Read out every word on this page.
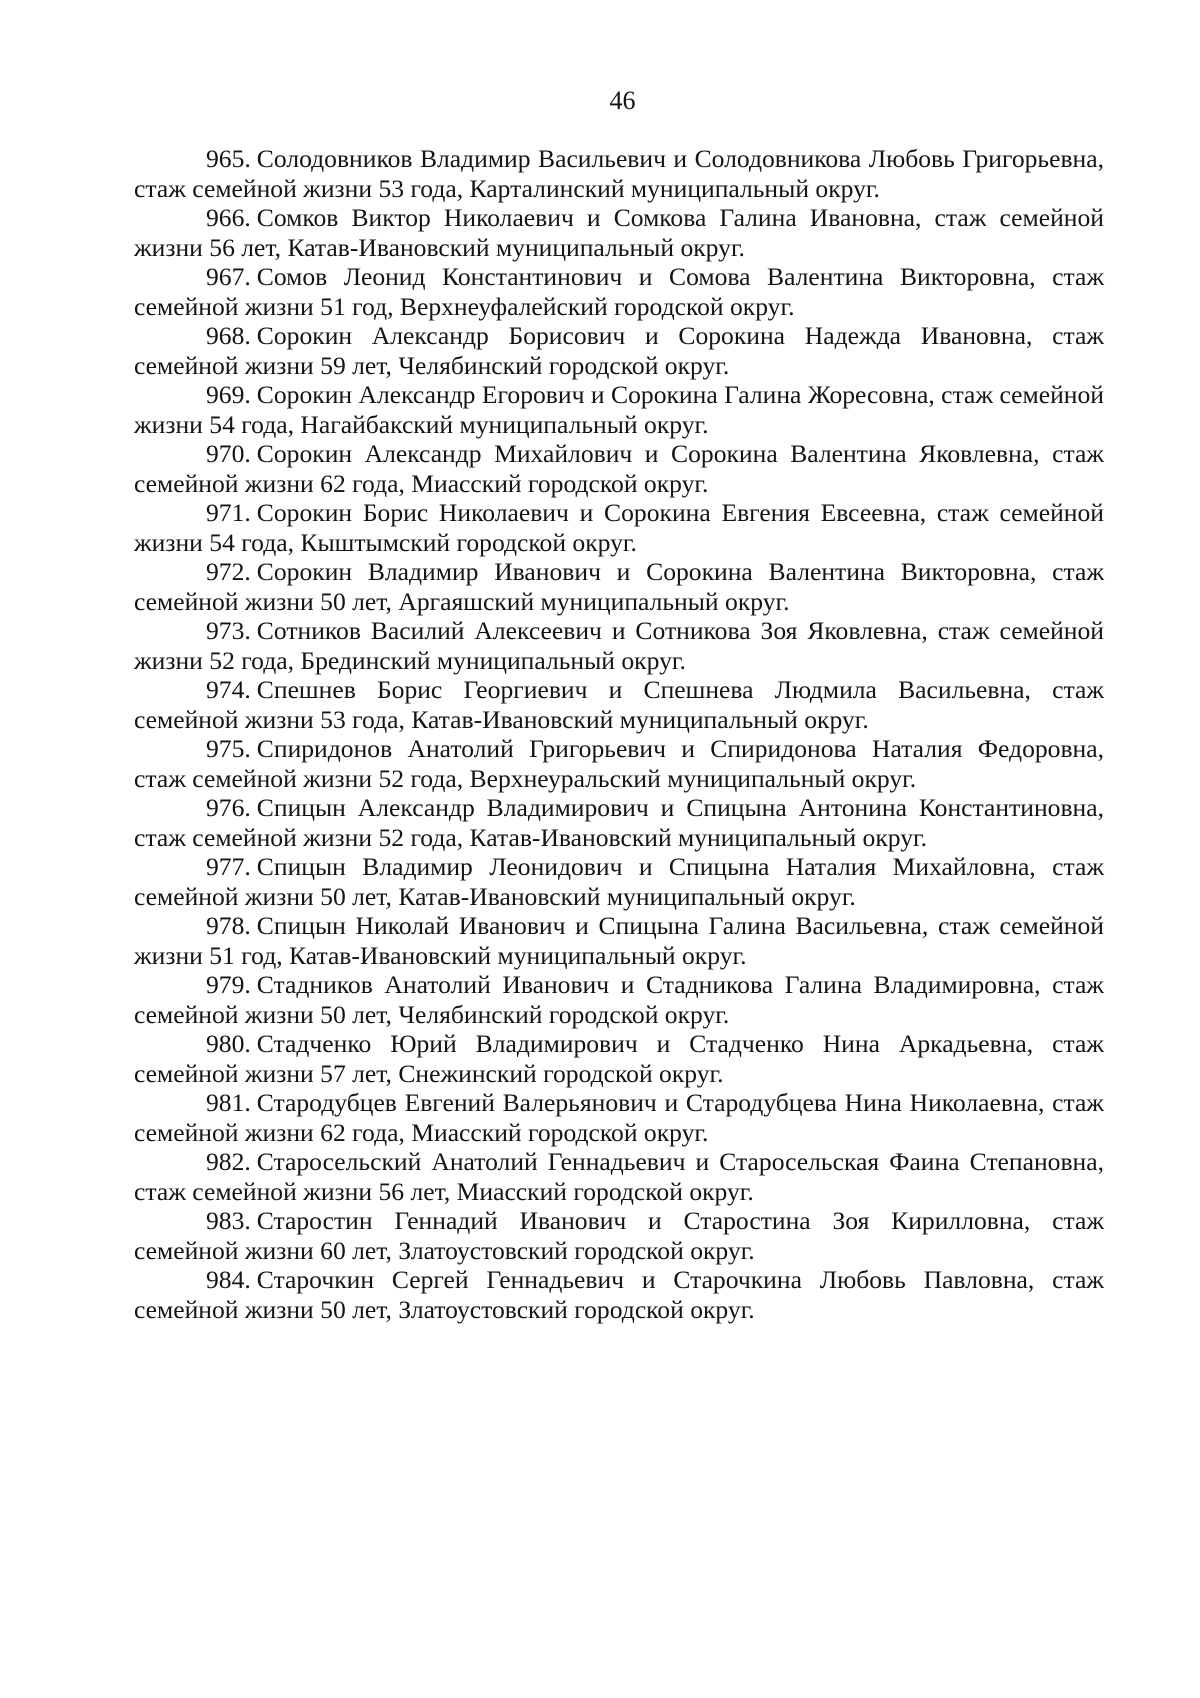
46
965. Солодовников Владимир Васильевич и Солодовникова Любовь Григорьевна, стаж семейной жизни 53 года, Карталинский муниципальный округ.
966. Сомков Виктор Николаевич и Сомкова Галина Ивановна, стаж семейной жизни 56 лет, Катав-Ивановский муниципальный округ.
967. Сомов Леонид Константинович и Сомова Валентина Викторовна, стаж семейной жизни 51 год, Верхнеуфалейский городской округ.
968. Сорокин Александр Борисович и Сорокина Надежда Ивановна, стаж семейной жизни 59 лет, Челябинский городской округ.
969. Сорокин Александр Егорович и Сорокина Галина Жоресовна, стаж семейной жизни 54 года, Нагайбакский муниципальный округ.
970. Сорокин Александр Михайлович и Сорокина Валентина Яковлевна, стаж семейной жизни 62 года, Миасский городской округ.
971. Сорокин Борис Николаевич и Сорокина Евгения Евсеевна, стаж семейной жизни 54 года, Кыштымский городской округ.
972. Сорокин Владимир Иванович и Сорокина Валентина Викторовна, стаж семейной жизни 50 лет, Аргаяшский муниципальный округ.
973. Сотников Василий Алексеевич и Сотникова Зоя Яковлевна, стаж семейной жизни 52 года, Брединский муниципальный округ.
974. Спешнев Борис Георгиевич и Спешнева Людмила Васильевна, стаж семейной жизни 53 года, Катав-Ивановский муниципальный округ.
975. Спиридонов Анатолий Григорьевич и Спиридонова Наталия Федоровна, стаж семейной жизни 52 года, Верхнеуральский муниципальный округ.
976. Спицын Александр Владимирович и Спицына Антонина Константиновна, стаж семейной жизни 52 года, Катав-Ивановский муниципальный округ.
977. Спицын Владимир Леонидович и Спицына Наталия Михайловна, стаж семейной жизни 50 лет, Катав-Ивановский муниципальный округ.
978. Спицын Николай Иванович и Спицына Галина Васильевна, стаж семейной жизни 51 год, Катав-Ивановский муниципальный округ.
979. Стадников Анатолий Иванович и Стадникова Галина Владимировна, стаж семейной жизни 50 лет, Челябинский городской округ.
980. Стадченко Юрий Владимирович и Стадченко Нина Аркадьевна, стаж семейной жизни 57 лет, Снежинский городской округ.
981. Стародубцев Евгений Валерьянович и Стародубцева Нина Николаевна, стаж семейной жизни 62 года, Миасский городской округ.
982. Старосельский Анатолий Геннадьевич и Старосельская Фаина Степановна, стаж семейной жизни 56 лет, Миасский городской округ.
983. Старостин Геннадий Иванович и Старостина Зоя Кирилловна, стаж семейной жизни 60 лет, Златоустовский городской округ.
984. Старочкин Сергей Геннадьевич и Старочкина Любовь Павловна, стаж семейной жизни 50 лет, Златоустовский городской округ.
